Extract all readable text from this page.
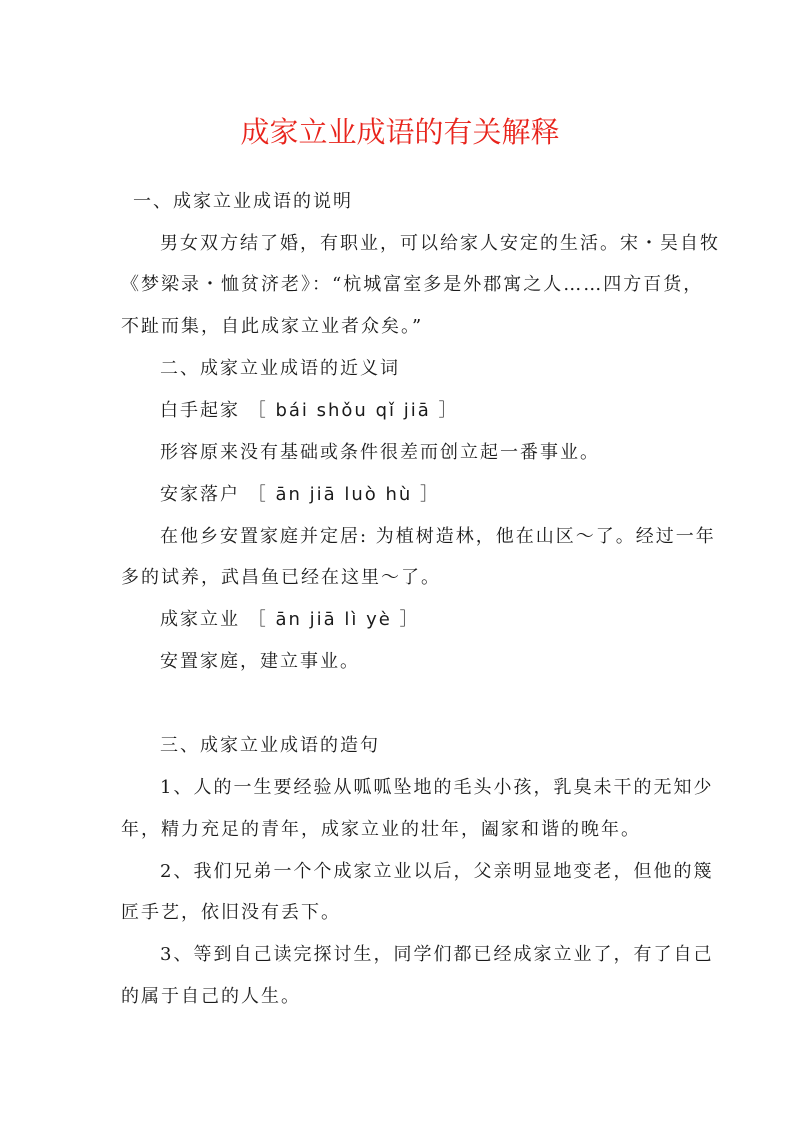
成家立业成语的有关解释
一、成家立业成语的说明
男女双方结了婚，有职业，可以给家人安定的生活。宋・吴自牧
《梦梁录・恤贫济老》：“杭城富室多是外郡寓之人……四方百货，
不趾而集，自此成家立业者众矣。”
二、成家立业成语的近义词
白手起家 ［ bái shǒu qǐ jiā ］
形容原来没有基础或条件很差而创立起一番事业。
安家落户 ［ ān jiā luò hù ］
在他乡安置家庭并定居: 为植树造林，他在山区～了。经过一年
多的试养，武昌鱼已经在这里～了。
成家立业 ［ ān jiā lì yè ］
安置家庭，建立事业。
三、成家立业成语的造句
1、人的一生要经验从呱呱坠地的毛头小孩，乳臭未干的无知少
年，精力充足的青年，成家立业的壮年，阖家和谐的晚年。
2、我们兄弟一个个成家立业以后，父亲明显地变老，但他的篾
匠手艺，依旧没有丢下。
3、等到自己读完探讨生，同学们都已经成家立业了，有了自己
的属于自己的人生。
